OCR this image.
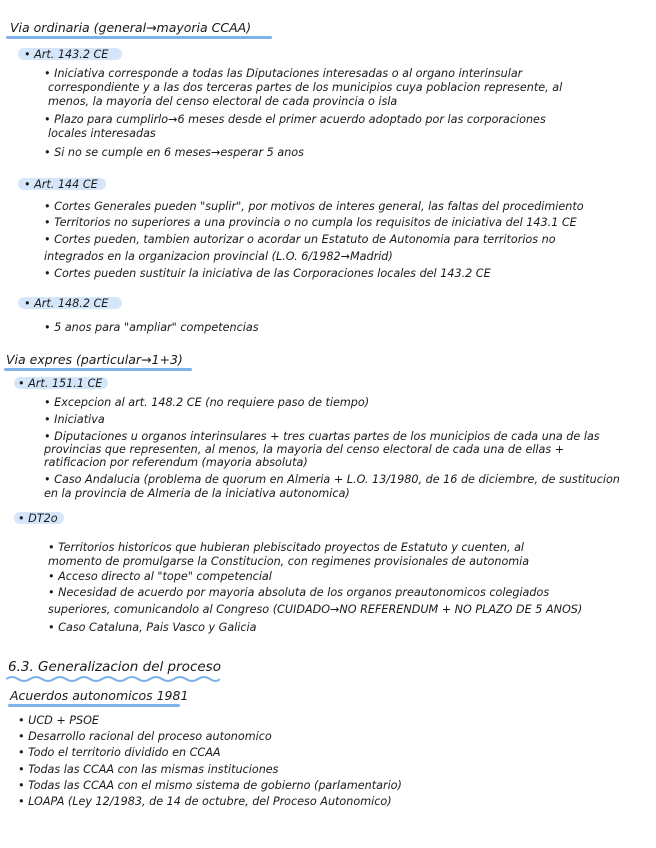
Via ordinaria (general→mayoria CCAA)
• Art. 143.2 CE
• Iniciativa corresponde a todas las Diputaciones interesadas o al organo interinsular
correspondiente y a las dos terceras partes de los municipios cuya poblacion represente, al
menos, la mayoria del censo electoral de cada provincia o isla
• Plazo para cumplirlo→6 meses desde el primer acuerdo adoptado por las corporaciones
locales interesadas
• Si no se cumple en 6 meses→esperar 5 anos
• Art. 144 CE
• Cortes Generales pueden "suplir", por motivos de interes general, las faltas del procedimiento
• Territorios no superiores a una provincia o no cumpla los requisitos de iniciativa del 143.1 CE
• Cortes pueden, tambien autorizar o acordar un Estatuto de Autonomia para territorios no
integrados en la organizacion provincial (L.O. 6/1982→Madrid)
• Cortes pueden sustituir la iniciativa de las Corporaciones locales del 143.2 CE
• Art. 148.2 CE
• 5 anos para "ampliar" competencias
Via expres (particular→1+3)
• Art. 151.1 CE
• Excepcion al art. 148.2 CE (no requiere paso de tiempo)
• Iniciativa
• Diputaciones u organos interinsulares + tres cuartas partes de los municipios de cada una de las
provincias que representen, al menos, la mayoria del censo electoral de cada una de ellas +
ratificacion por referendum (mayoria absoluta)
• Caso Andalucia (problema de quorum en Almeria + L.O. 13/1980, de 16 de diciembre, de sustitucion
en la provincia de Almeria de la iniciativa autonomica)
• DT2o
• Territorios historicos que hubieran plebiscitado proyectos de Estatuto y cuenten, al
momento de promulgarse la Constitucion, con regimenes provisionales de autonomia
• Acceso directo al "tope" competencial
• Necesidad de acuerdo por mayoria absoluta de los organos preautonomicos colegiados
superiores, comunicandolo al Congreso (CUIDADO→NO REFERENDUM + NO PLAZO DE 5 ANOS)
• Caso Cataluna, Pais Vasco y Galicia
6.3. Generalizacion del proceso
Acuerdos autonomicos 1981
• UCD + PSOE
• Desarrollo racional del proceso autonomico
• Todo el territorio dividido en CCAA
• Todas las CCAA con las mismas instituciones
• Todas las CCAA con el mismo sistema de gobierno (parlamentario)
• LOAPA (Ley 12/1983, de 14 de octubre, del Proceso Autonomico)
